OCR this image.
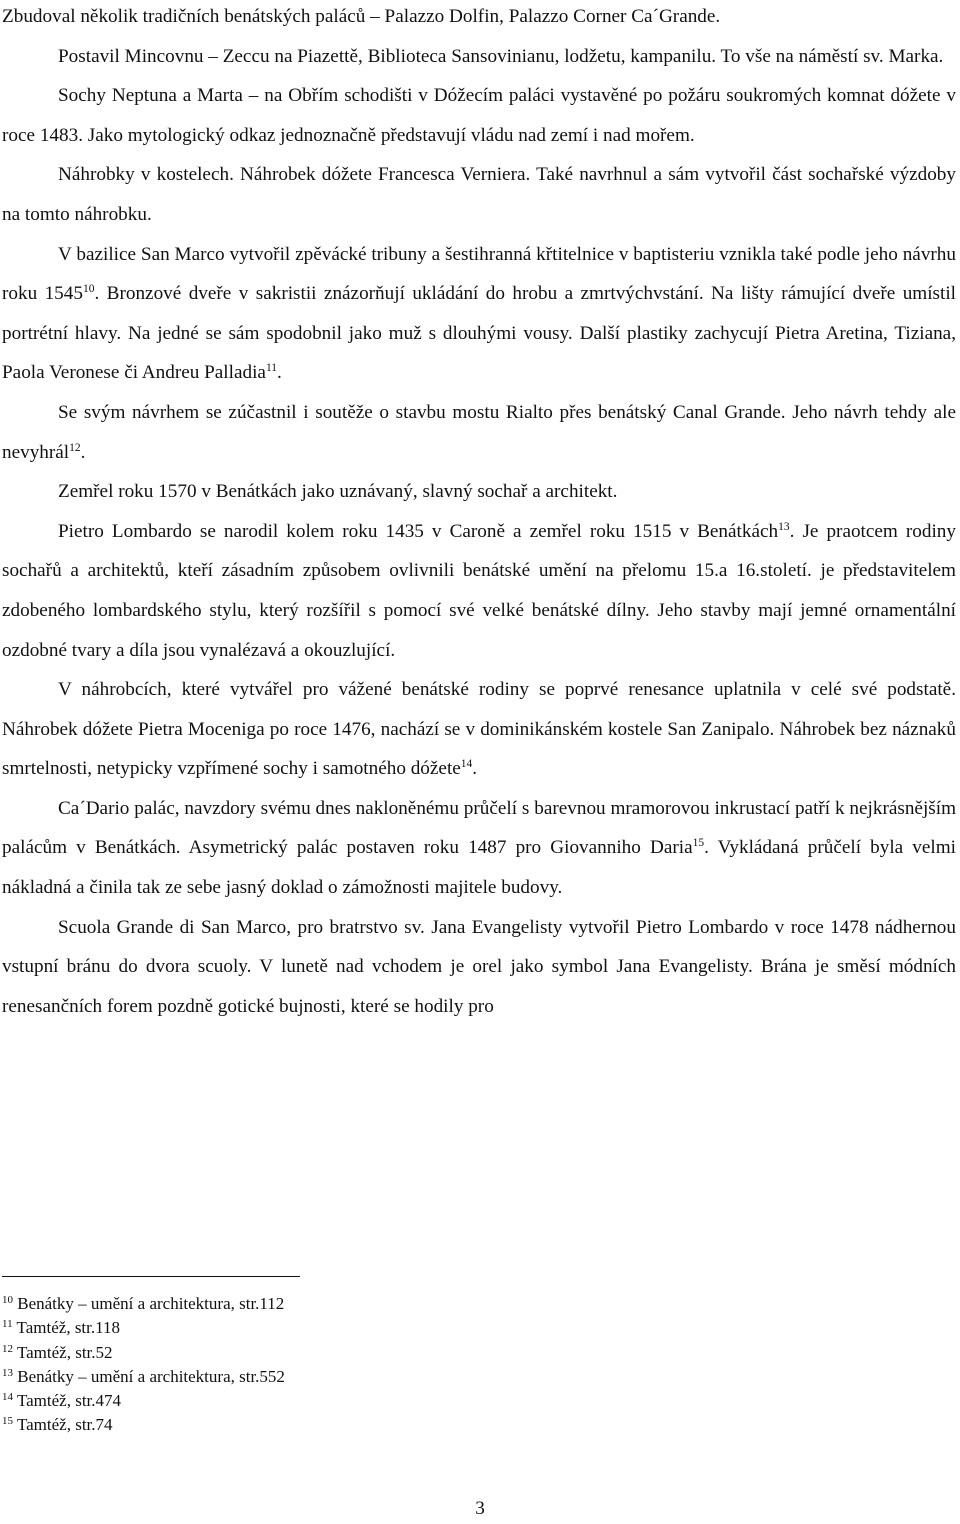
Zbudoval několik tradičních benátských paláců – Palazzo Dolfin, Palazzo Corner Ca´Grande.

Postavil Mincovnu – Zeccu na Piazettě, Biblioteca Sansovinianu, lodžetu, kampanilu. To vše na náměstí sv. Marka.

Sochy Neptuna a Marta – na Obřím schodišti v Dóžecím paláci vystavěné po požáru soukromých komnat dóžete v roce 1483. Jako mytologický odkaz jednoznačně představují vládu nad zemí i nad mořem.

Náhrobky v kostelech. Náhrobek dóžete Francesca Verniera. Také navrhnul a sám vytvořil část sochařské výzdoby na tomto náhrobku.

V bazilice San Marco vytvořil zpěvácké tribuny a šestihranná křtitelnice v baptisteriu vznikla také podle jeho návrhu roku 1545$^{10}$. Bronzové dveře v sakristii znázorňují ukládání do hrobu a zmrtvýchvstání. Na lišty rámující dveře umístil portrétní hlavy. Na jedné se sám spodobnil jako muž s dlouhými vousy. Další plastiky zachycují Pietra Aretina, Tiziana, Paola Veronese či Andreu Palladia$^{11}$.

Se svým návrhem se zúčastnil i soutěže o stavbu mostu Rialto přes benátský Canal Grande. Jeho návrh tehdy ale nevyhrál$^{12}$.

Zemřel roku 1570 v Benátkách jako uznávaný, slavný sochař a architekt.

Pietro Lombardo se narodil kolem roku 1435 v Caroně a zemřel roku 1515 v Benátkách$^{13}$. Je praotcem rodiny sochařů a architektů, kteří zásadním způsobem ovlivnili benátské umění na přelomu 15.a 16.století. je představitelem zdobeného lombardského stylu, který rozšířil s pomocí své velké benátské dílny. Jeho stavby mají jemné ornamentální ozdobné tvary a díla jsou vynalézavá a okouzlující.

V náhrobcích, které vytvářel pro vážené benátské rodiny se poprvé renesance uplatnila v celé své podstatě. Náhrobek dóžete Pietra Moceniga po roce 1476, nachází se v dominikánském kostele San Zanipalo. Náhrobek bez náznaků smrtelnosti, netypicky vzpřímené sochy i samotného dóžete$^{14}$.

Ca´Dario palác, navzdory svému dnes nakloněnému průčelí s barevnou mramorovou inkrustací patří k nejkrásnějším palácům v Benátkách. Asymetrický palác postaven roku 1487 pro Giovanniho Daria$^{15}$. Vykládaná průčelí byla velmi nákladná a činila tak ze sebe jasný doklad o zámožnosti majitele budovy.

Scuola Grande di San Marco, pro bratrstvo sv. Jana Evangelisty vytvořil Pietro Lombardo v roce 1478 nádhernou vstupní bránu do dvora scuoly. V lunetě nad vchodem je orel jako symbol Jana Evangelisty. Brána je směsí módních renesančních forem pozdně gotické bujnosti, které se hodily pro

$^{10}$ Benátky – umění a architektura, str.112

$^{11}$ Tamtéž, str.118

$^{12}$ Tamtéž, str.52

$^{13}$ Benátky – umění a architektura, str.552

$^{14}$ Tamtéž, str.474

$^{15}$ Tamtéž, str.74

3
